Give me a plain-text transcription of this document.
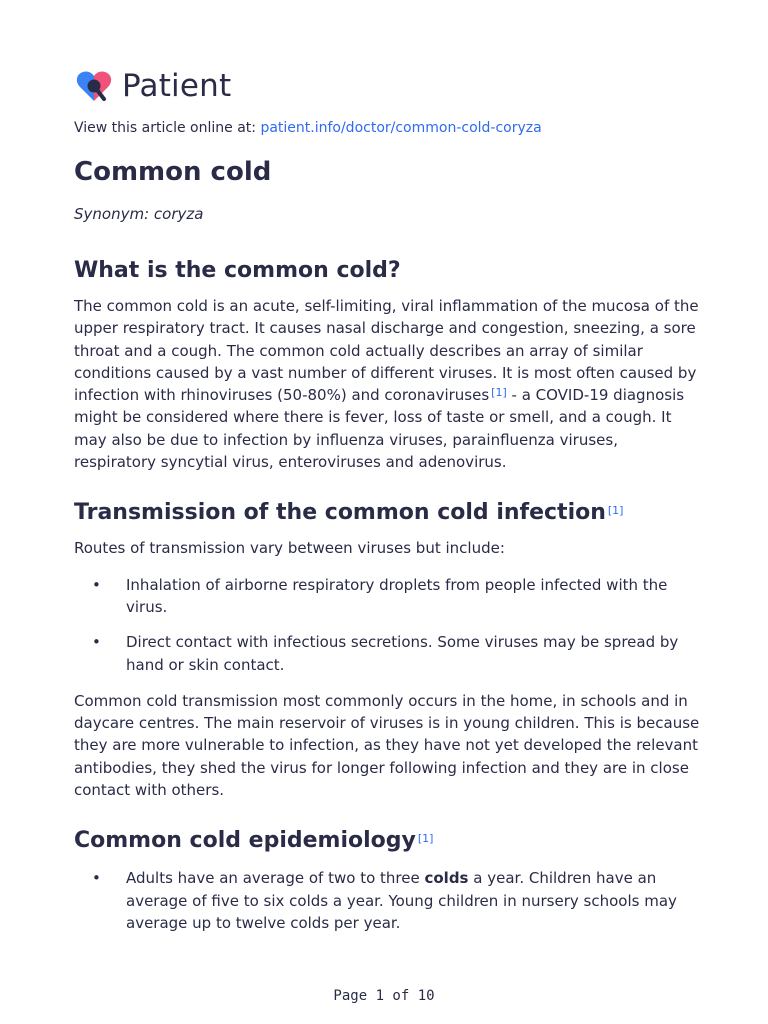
Patient
View this article online at: patient.info/doctor/common-cold-coryza
Common cold
Synonym: coryza
What is the common cold?

The common cold is an acute, self-limiting, viral inflammation of the mucosa of the upper respiratory tract. It causes nasal discharge and congestion, sneezing, a sore throat and a cough. The common cold actually describes an array of similar conditions caused by a vast number of different viruses. It is most often caused by infection with rhinoviruses (50-80%) and coronaviruses [1] - a COVID-19 diagnosis might be considered where there is fever, loss of taste or smell, and a cough. It may also be due to infection by influenza viruses, parainfluenza viruses, respiratory syncytial virus, enteroviruses and adenovirus.

Transmission of the common cold infection [1]

Routes of transmission vary between viruses but include:

• Inhalation of airborne respiratory droplets from people infected with the virus.
• Direct contact with infectious secretions. Some viruses may be spread by hand or skin contact.

Common cold transmission most commonly occurs in the home, in schools and in daycare centres. The main reservoir of viruses is in young children. This is because they are more vulnerable to infection, as they have not yet developed the relevant antibodies, they shed the virus for longer following infection and they are in close contact with others.

Common cold epidemiology [1]
• Adults have an average of two to three colds a year. Children have an average of five to six colds a year. Young children in nursery schools may average up to twelve colds per year.
Page 1 of 10
